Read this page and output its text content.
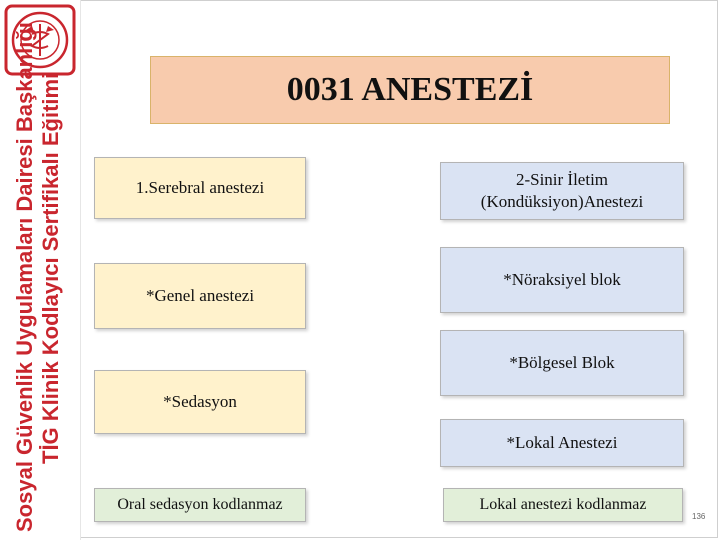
Sosyal Güvenlik Uygulamaları Dairesi Başkanlığı TİG Klinik Kodlayıcı Sertifikalı Eğitimi	0031 ANESTEZİ
1.Serebral anestezi
*Genel anestezi
*Sedasyon
Oral sedasyon kodlanmaz
2-Sinir İletim (Kondüksiyon)Anestezi
*Nöraksiyel blok
*Bölgesel Blok
*Lokal Anestezi
Lokal anestezi kodlanmaz
136
